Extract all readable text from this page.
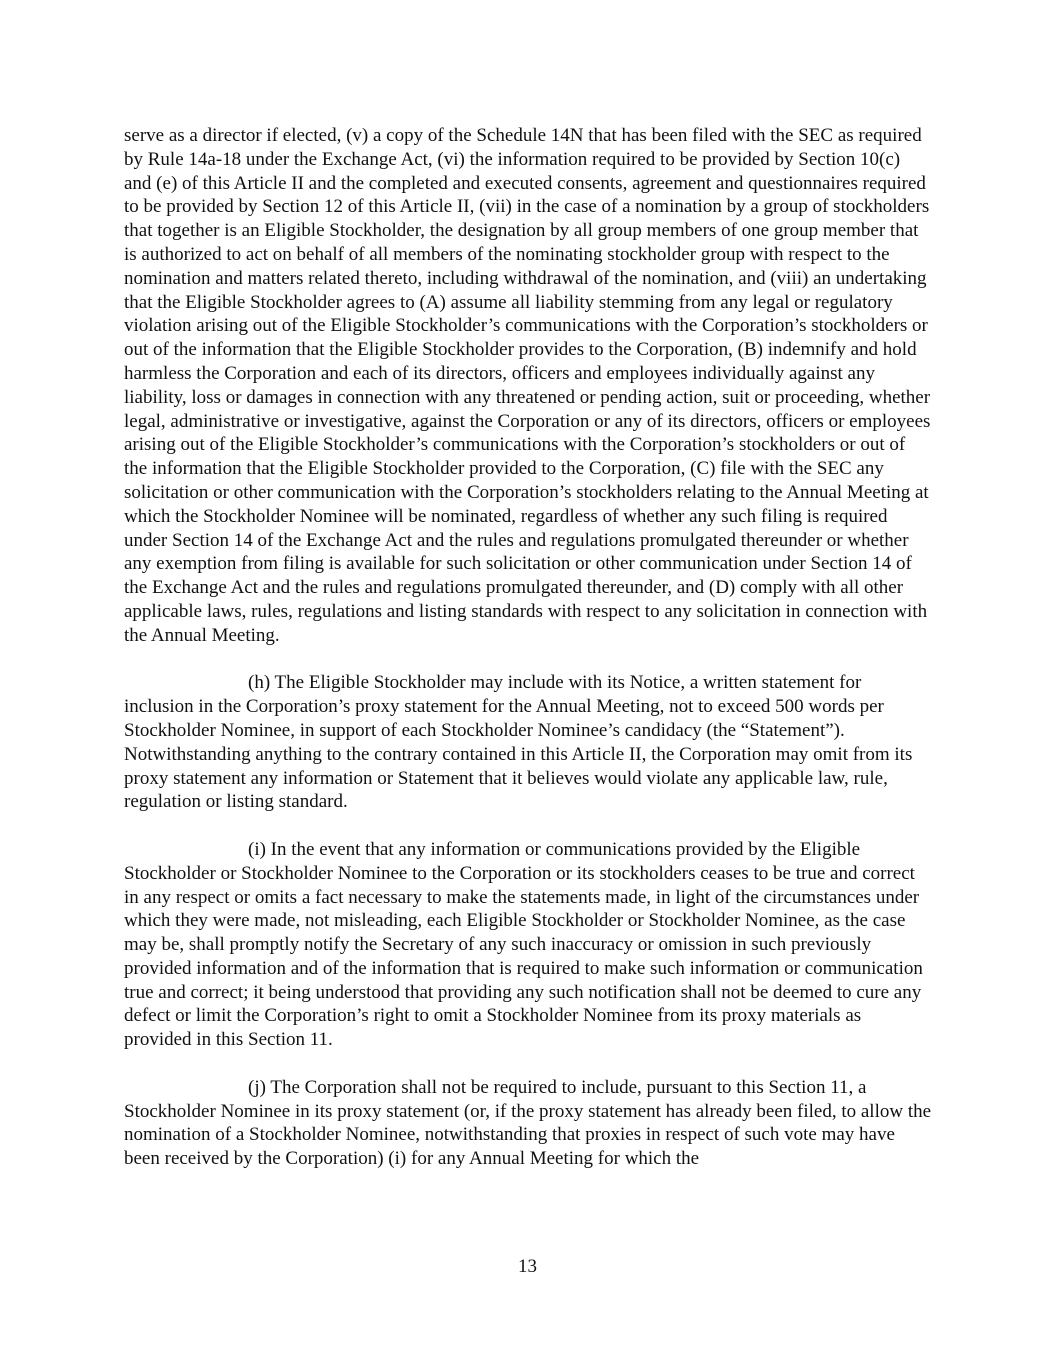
serve as a director if elected, (v) a copy of the Schedule 14N that has been filed with the SEC as required by Rule 14a-18 under the Exchange Act, (vi) the information required to be provided by Section 10(c) and (e) of this Article II and the completed and executed consents, agreement and questionnaires required to be provided by Section 12 of this Article II, (vii) in the case of a nomination by a group of stockholders that together is an Eligible Stockholder, the designation by all group members of one group member that is authorized to act on behalf of all members of the nominating stockholder group with respect to the nomination and matters related thereto, including withdrawal of the nomination, and (viii) an undertaking that the Eligible Stockholder agrees to (A) assume all liability stemming from any legal or regulatory violation arising out of the Eligible Stockholder’s communications with the Corporation’s stockholders or out of the information that the Eligible Stockholder provides to the Corporation, (B) indemnify and hold harmless the Corporation and each of its directors, officers and employees individually against any liability, loss or damages in connection with any threatened or pending action, suit or proceeding, whether legal, administrative or investigative, against the Corporation or any of its directors, officers or employees arising out of the Eligible Stockholder’s communications with the Corporation’s stockholders or out of the information that the Eligible Stockholder provided to the Corporation, (C) file with the SEC any solicitation or other communication with the Corporation’s stockholders relating to the Annual Meeting at which the Stockholder Nominee will be nominated, regardless of whether any such filing is required under Section 14 of the Exchange Act and the rules and regulations promulgated thereunder or whether any exemption from filing is available for such solicitation or other communication under Section 14 of the Exchange Act and the rules and regulations promulgated thereunder, and (D) comply with all other applicable laws, rules, regulations and listing standards with respect to any solicitation in connection with the Annual Meeting.

(h) The Eligible Stockholder may include with its Notice, a written statement for inclusion in the Corporation’s proxy statement for the Annual Meeting, not to exceed 500 words per Stockholder Nominee, in support of each Stockholder Nominee’s candidacy (the “Statement”). Notwithstanding anything to the contrary contained in this Article II, the Corporation may omit from its proxy statement any information or Statement that it believes would violate any applicable law, rule, regulation or listing standard.

(i) In the event that any information or communications provided by the Eligible Stockholder or Stockholder Nominee to the Corporation or its stockholders ceases to be true and correct in any respect or omits a fact necessary to make the statements made, in light of the circumstances under which they were made, not misleading, each Eligible Stockholder or Stockholder Nominee, as the case may be, shall promptly notify the Secretary of any such inaccuracy or omission in such previously provided information and of the information that is required to make such information or communication true and correct; it being understood that providing any such notification shall not be deemed to cure any defect or limit the Corporation’s right to omit a Stockholder Nominee from its proxy materials as provided in this Section 11.

(j) The Corporation shall not be required to include, pursuant to this Section 11, a Stockholder Nominee in its proxy statement (or, if the proxy statement has already been filed, to allow the nomination of a Stockholder Nominee, notwithstanding that proxies in respect of such vote may have been received by the Corporation) (i) for any Annual Meeting for which the

13
